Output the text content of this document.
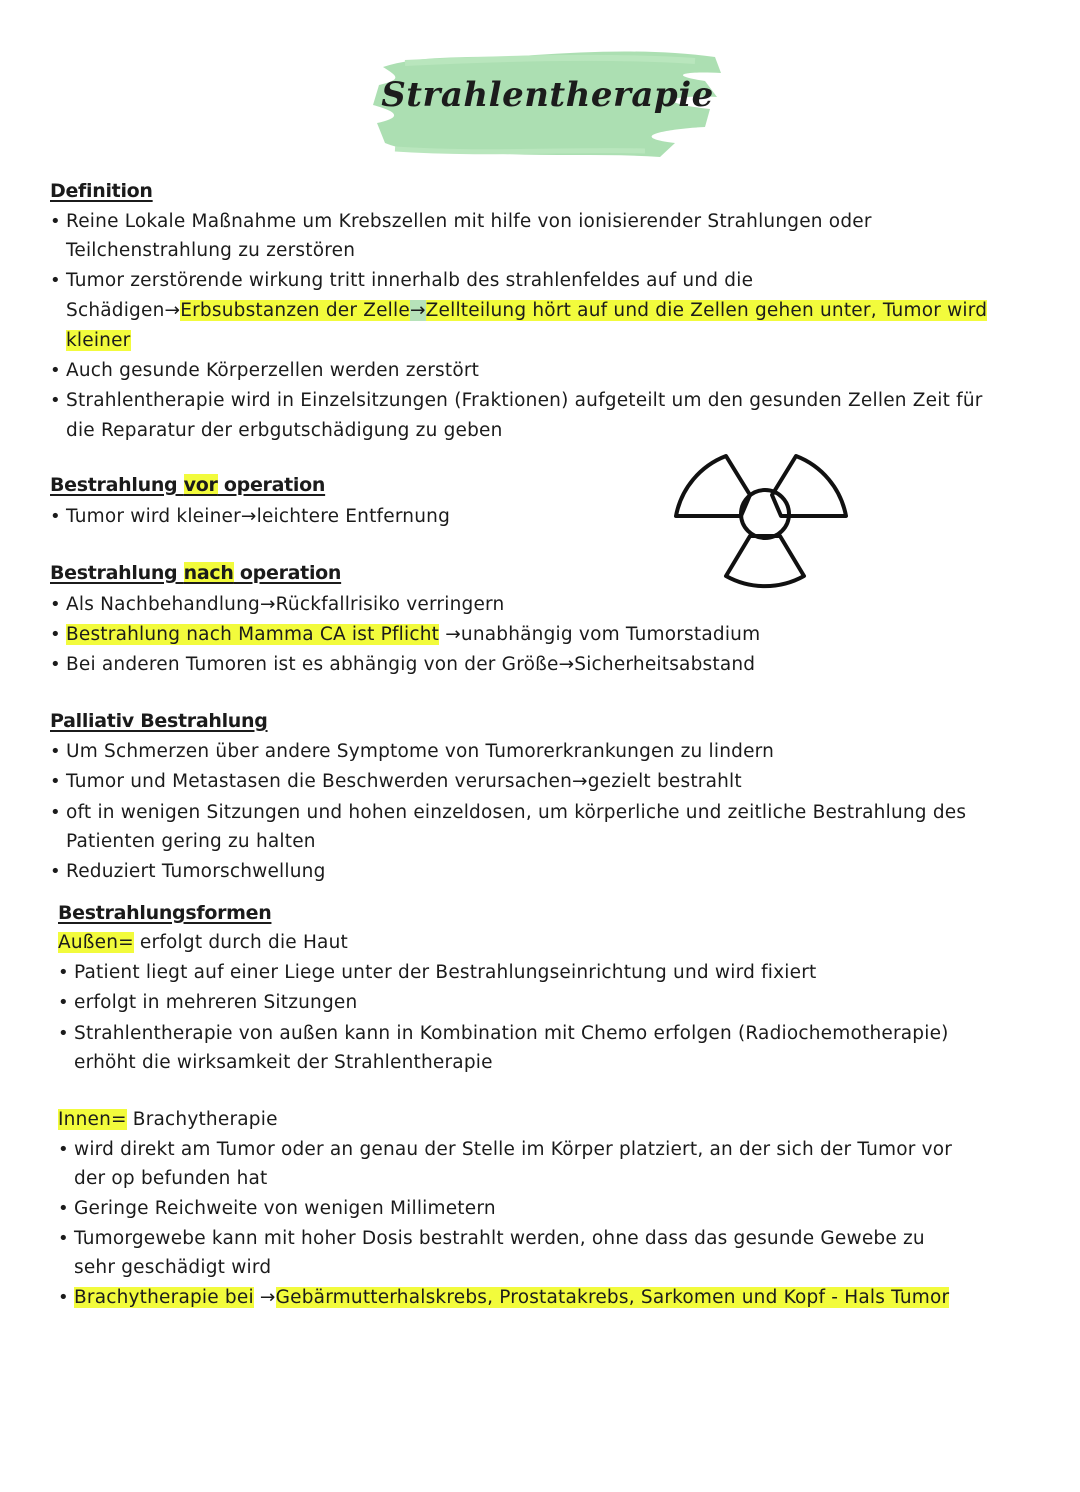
Strahlentherapie
Definition
• Reine Lokale Maßnahme um Krebszellen mit hilfe von ionisierender Strahlungen oder
Teilchenstrahlung zu zerstören
• Tumor zerstörende wirkung tritt innerhalb des strahlenfeldes auf und die
Schädigen→Erbsubstanzen der Zelle→Zellteilung hört auf und die Zellen gehen unter, Tumor wird
kleiner
• Auch gesunde Körperzellen werden zerstört
• Strahlentherapie wird in Einzelsitzungen (Fraktionen) aufgeteilt um den gesunden Zellen Zeit für
die Reparatur der erbgutschädigung zu geben
Bestrahlung vor operation
• Tumor wird kleiner→leichtere Entfernung
Bestrahlung nach operation
• Als Nachbehandlung→Rückfallrisiko verringern
• Bestrahlung nach Mamma CA ist Pflicht →unabhängig vom Tumorstadium
• Bei anderen Tumoren ist es abhängig von der Größe→Sicherheitsabstand
Palliativ Bestrahlung
• Um Schmerzen über andere Symptome von Tumorerkrankungen zu lindern
• Tumor und Metastasen die Beschwerden verursachen→gezielt bestrahlt
• oft in wenigen Sitzungen und hohen einzeldosen, um körperliche und zeitliche Bestrahlung des
Patienten gering zu halten
• Reduziert Tumorschwellung
Bestrahlungsformen
Außen= erfolgt durch die Haut
• Patient liegt auf einer Liege unter der Bestrahlungseinrichtung und wird fixiert
• erfolgt in mehreren Sitzungen
• Strahlentherapie von außen kann in Kombination mit Chemo erfolgen (Radiochemotherapie)
erhöht die wirksamkeit der Strahlentherapie
Innen= Brachytherapie
• wird direkt am Tumor oder an genau der Stelle im Körper platziert, an der sich der Tumor vor
der op befunden hat
• Geringe Reichweite von wenigen Millimetern
• Tumorgewebe kann mit hoher Dosis bestrahlt werden, ohne dass das gesunde Gewebe zu
sehr geschädigt wird
• Brachytherapie bei →Gebärmutterhalskrebs, Prostatakrebs, Sarkomen und Kopf - Hals Tumor
